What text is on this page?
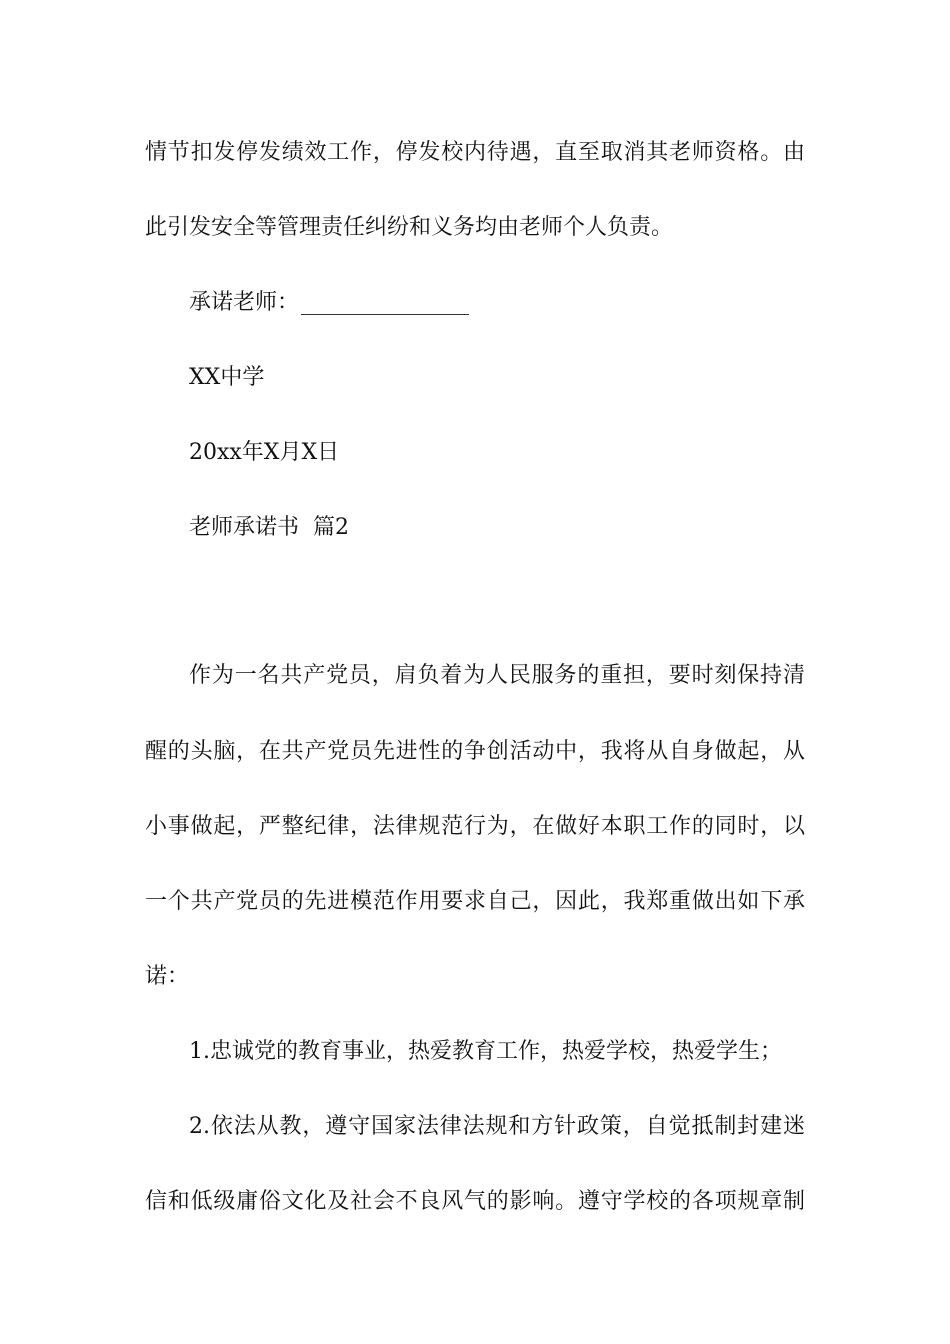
情节扣发停发绩效工作，停发校内待遇，直至取消其老师资格。由
此引发安全等管理责任纠纷和义务均由老师个人负责。
承诺老师：
XX中学
20xx年X月X日
老师承诺书  篇2
作为一名共产党员，肩负着为人民服务的重担，要时刻保持清
醒的头脑，在共产党员先进性的争创活动中，我将从自身做起，从
小事做起，严整纪律，法律规范行为，在做好本职工作的同时，以
一个共产党员的先进模范作用要求自己，因此，我郑重做出如下承
诺：
1.忠诚党的教育事业，热爱教育工作，热爱学校，热爱学生；
2.依法从教，遵守国家法律法规和方针政策，自觉抵制封建迷
信和低级庸俗文化及社会不良风气的影响。遵守学校的各项规章制
